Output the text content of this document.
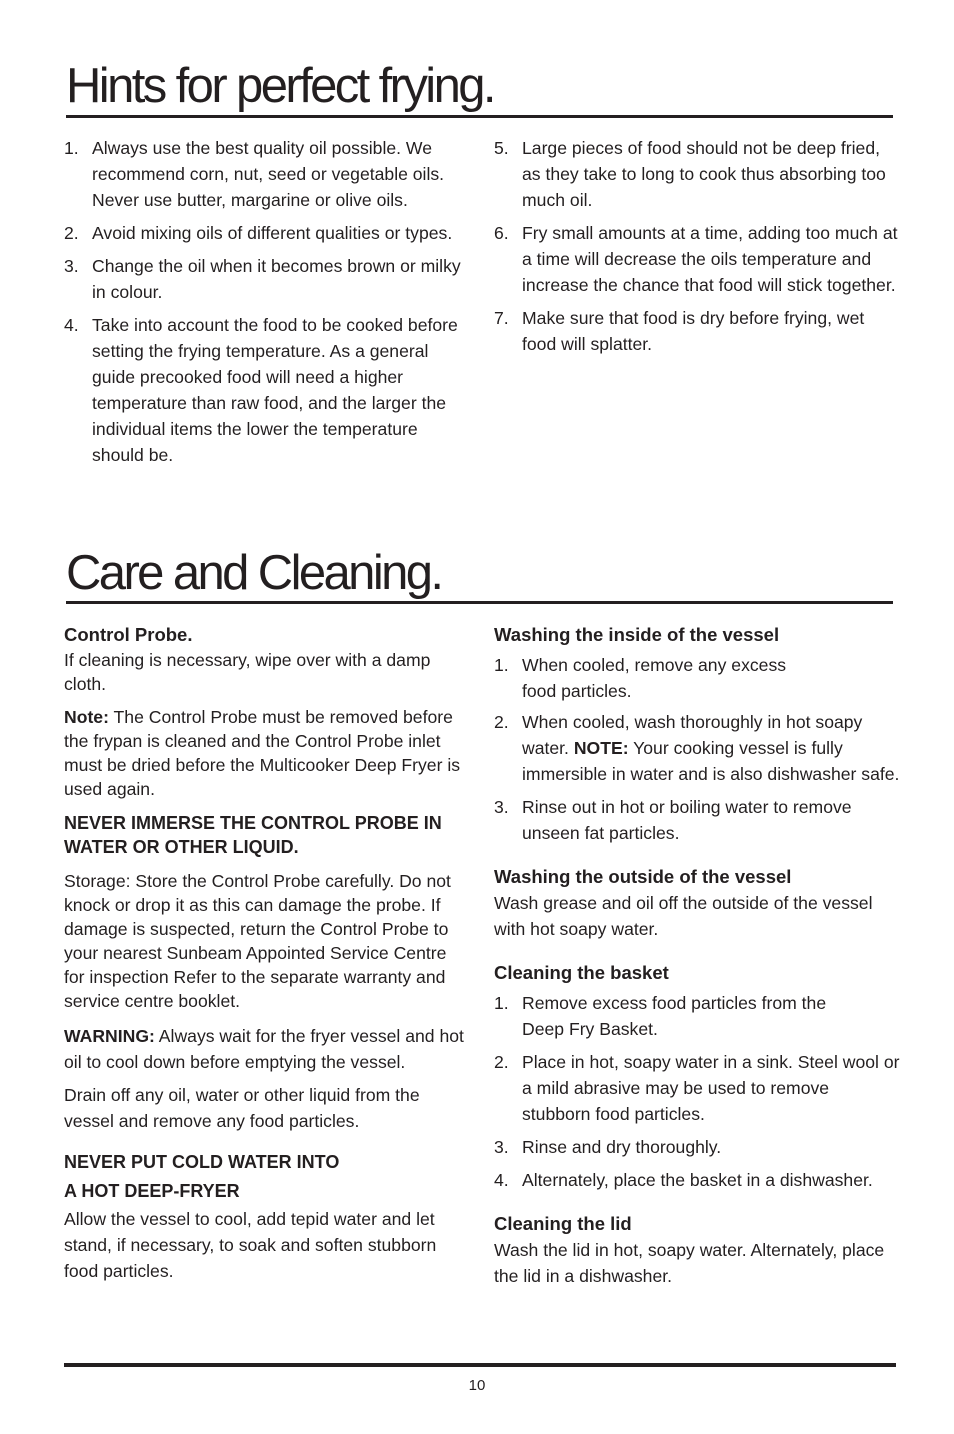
Hints for perfect frying.
1. Always use the best quality oil possible. We recommend corn, nut, seed or vegetable oils. Never use butter, margarine or olive oils.
2. Avoid mixing oils of different qualities or types.
3. Change the oil when it becomes brown or milky in colour.
4. Take into account the food to be cooked before setting the frying temperature. As a general guide precooked food will need a higher temperature than raw food, and the larger the individual items the lower the temperature should be.
5. Large pieces of food should not be deep fried, as they take to long to cook thus absorbing too much oil.
6. Fry small amounts at a time, adding too much at a time will decrease the oils temperature and increase the chance that food will stick together.
7. Make sure that food is dry before frying, wet food will splatter.
Care and Cleaning.
Control Probe.

If cleaning is necessary, wipe over with a damp cloth.

Note: The Control Probe must be removed before the frypan is cleaned and the Control Probe inlet must be dried before the Multicooker Deep Fryer is used again.

NEVER IMMERSE THE CONTROL PROBE IN
WATER OR OTHER LIQUID.

Storage: Store the Control Probe carefully. Do not knock or drop it as this can damage the probe. If damage is suspected, return the Control Probe to your nearest Sunbeam Appointed Service Centre for inspection Refer to the separate warranty and service centre booklet.

WARNING: Always wait for the fryer vessel and hot oil to cool down before emptying the vessel.

Drain off any oil, water or other liquid from the vessel and remove any food particles.

NEVER PUT COLD WATER INTO
A HOT DEEP-FRYER

Allow the vessel to cool, add tepid water and let stand, if necessary, to soak and soften stubborn food particles.

Washing the inside of the vessel
1. When cooled, remove any excess
food particles.
2. When cooled, wash thoroughly in hot soapy water. NOTE: Your cooking vessel is fully immersible in water and is also dishwasher safe.
3. Rinse out in hot or boiling water to remove unseen fat particles.
Washing the outside of the vessel

Wash grease and oil off the outside of the vessel with hot soapy water.

Cleaning the basket
1. Remove excess food particles from the
Deep Fry Basket.
2. Place in hot, soapy water in a sink. Steel wool or a mild abrasive may be used to remove stubborn food particles.
3. Rinse and dry thoroughly.
4. Alternately, place the basket in a dishwasher.
Cleaning the lid

Wash the lid in hot, soapy water. Alternately, place the lid in a dishwasher.

10
